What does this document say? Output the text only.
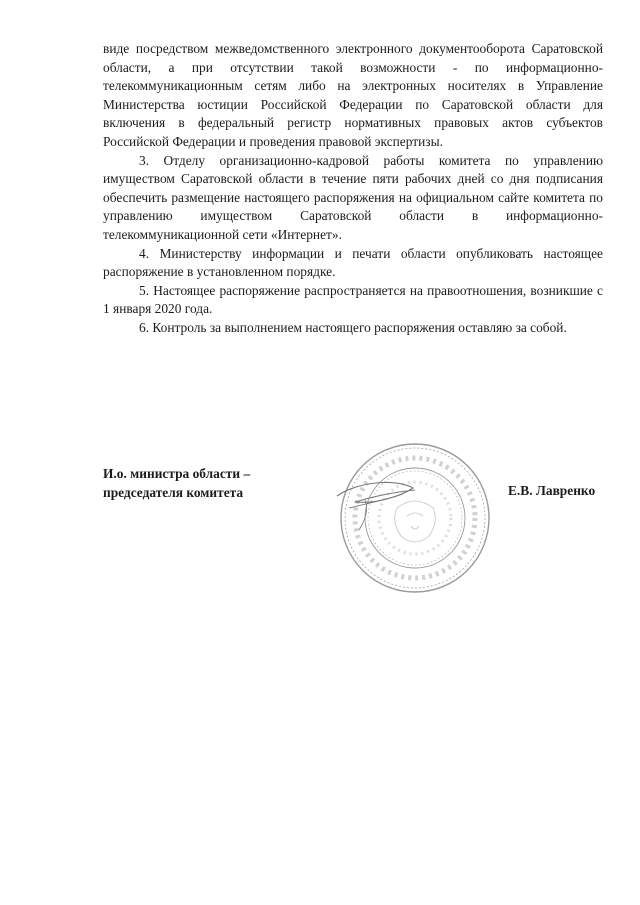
виде посредством межведомственного электронного документооборота Саратовской области, а при отсутствии такой возможности - по информационно-телекоммуникационным сетям либо на электронных носителях в Управление Министерства юстиции Российской Федерации по Саратовской области для включения в федеральный регистр нормативных правовых актов субъектов Российской Федерации и проведения правовой экспертизы.

3. Отделу организационно-кадровой работы комитета по управлению имуществом Саратовской области в течение пяти рабочих дней со дня подписания обеспечить размещение настоящего распоряжения на официальном сайте комитета по управлению имуществом Саратовской области в информационно-телекоммуникационной сети «Интернет».

4. Министерству информации и печати области опубликовать настоящее распоряжение в установленном порядке.

5. Настоящее распоряжение распространяется на правоотношения, возникшие с 1 января 2020 года.

6. Контроль за выполнением настоящего распоряжения оставляю за собой.

И.о. министра области –
председателя комитета	Е.В. Лавренко
